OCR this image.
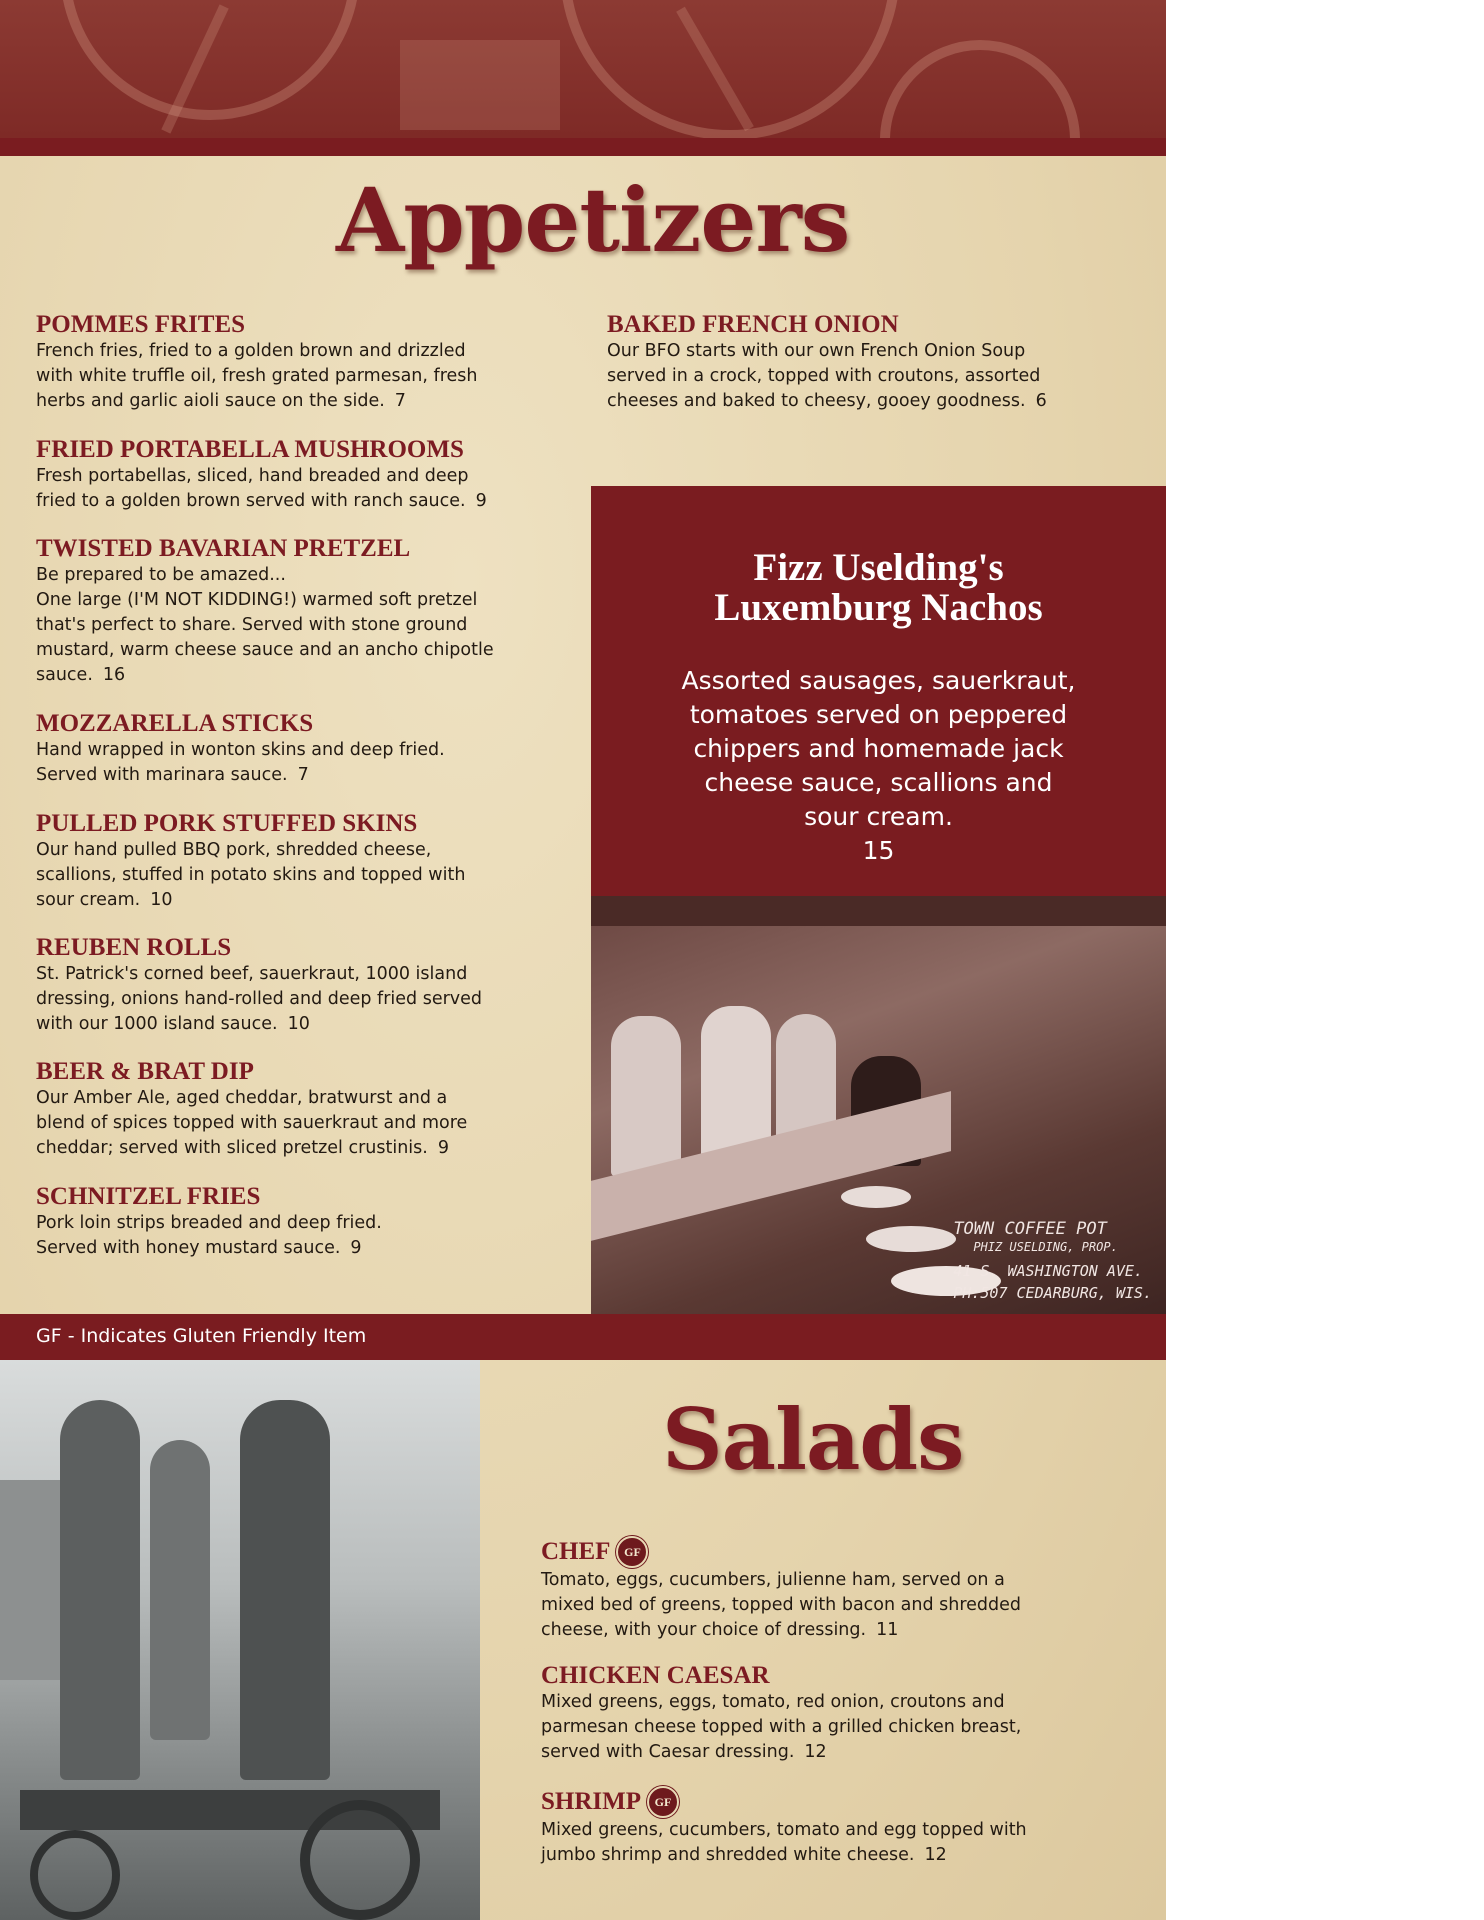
Appetizers
POMMES FRITES
French fries, fried to a golden brown and drizzled
with white truffle oil, fresh grated parmesan, fresh
herbs and garlic aioli sauce on the side. 7
FRIED PORTABELLA MUSHROOMS
Fresh portabellas, sliced, hand breaded and deep
fried to a golden brown served with ranch sauce. 9
TWISTED BAVARIAN PRETZEL
Be prepared to be amazed...
One large (I'M NOT KIDDING!) warmed soft pretzel
that's perfect to share. Served with stone ground
mustard, warm cheese sauce and an ancho chipotle
sauce. 16
MOZZARELLA STICKS
Hand wrapped in wonton skins and deep fried.
Served with marinara sauce. 7
PULLED PORK STUFFED SKINS
Our hand pulled BBQ pork, shredded cheese,
scallions, stuffed in potato skins and topped with
sour cream. 10
REUBEN ROLLS
St. Patrick's corned beef, sauerkraut, 1000 island
dressing, onions hand-rolled and deep fried served
with our 1000 island sauce. 10
BEER & BRAT DIP
Our Amber Ale, aged cheddar, bratwurst and a
blend of spices topped with sauerkraut and more
cheddar; served with sliced pretzel crustinis. 9
SCHNITZEL FRIES
Pork loin strips breaded and deep fried.
Served with honey mustard sauce. 9
BAKED FRENCH ONION
Our BFO starts with our own French Onion Soup
served in a crock, topped with croutons, assorted
cheeses and baked to cheesy, gooey goodness. 6
Fizz Uselding's
Luxemburg Nachos
Assorted sausages, sauerkraut,
tomatoes served on peppered
chippers and homemade jack
cheese sauce, scallions and
sour cream.
15
TOWN COFFEE POT
PHIZ USELDING, PROP.
41 S. WASHINGTON AVE.
PH:507 CEDARBURG, WIS.
GF - Indicates Gluten Friendly Item
Salads
CHEF	GF
Tomato, eggs, cucumbers, julienne ham, served on a
mixed bed of greens, topped with bacon and shredded
cheese, with your choice of dressing. 11
CHICKEN CAESAR
Mixed greens, eggs, tomato, red onion, croutons and
parmesan cheese topped with a grilled chicken breast,
served with Caesar dressing. 12
SHRIMP	GF
Mixed greens, cucumbers, tomato and egg topped with
jumbo shrimp and shredded white cheese. 12
